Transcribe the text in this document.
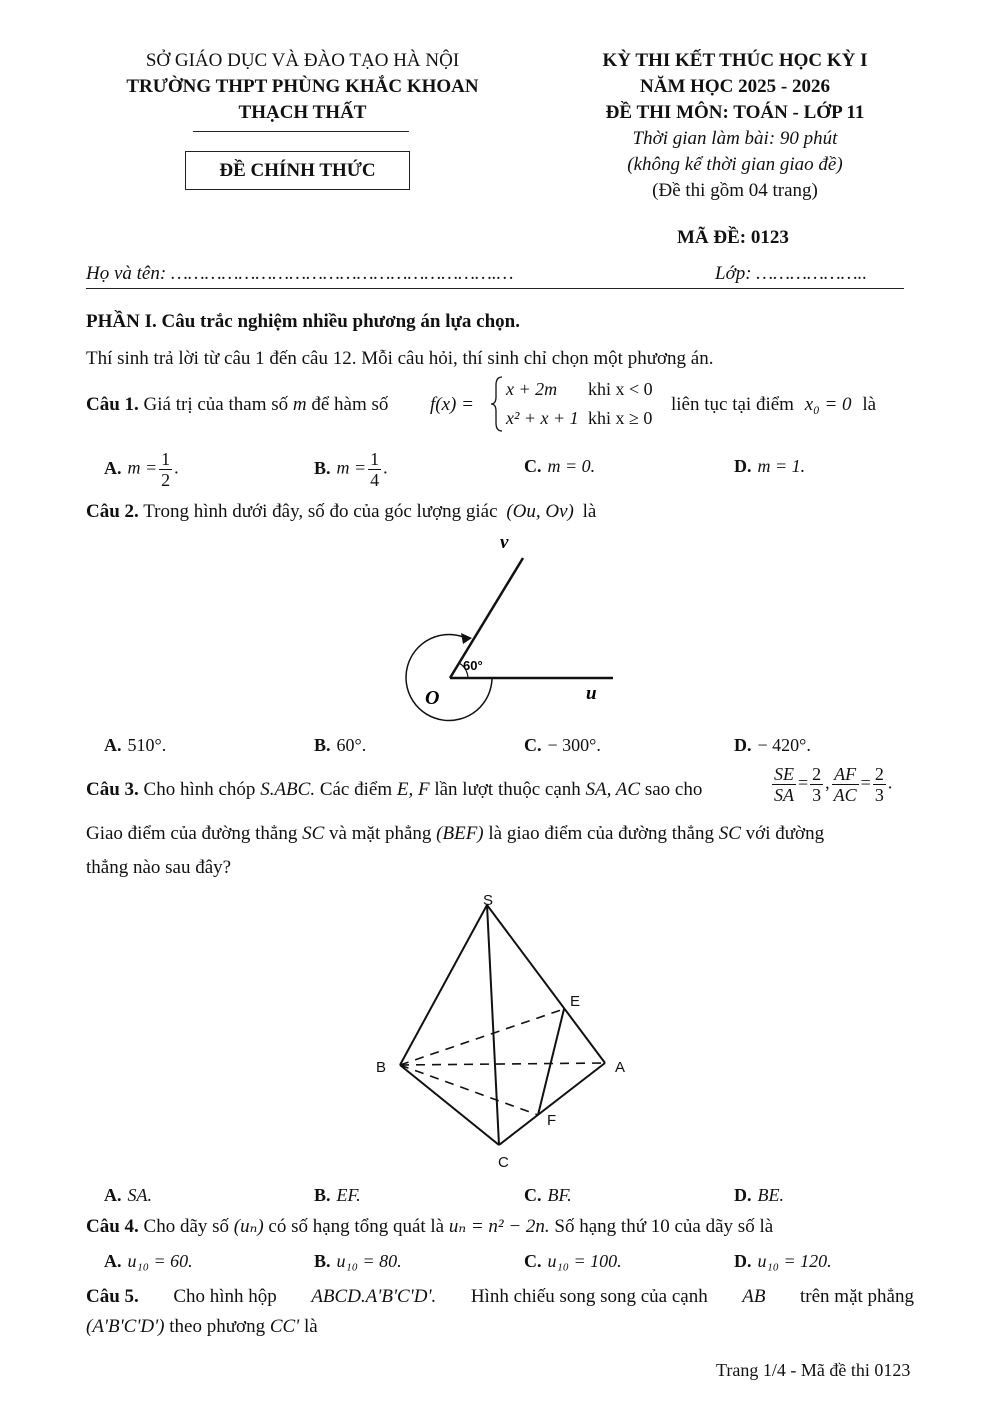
SỞ GIÁO DỤC VÀ ĐÀO TẠO HÀ NỘI
TRƯỜNG THPT PHÙNG KHẮC KHOAN
THẠCH THẤT
ĐỀ CHÍNH THỨC
KỲ THI KẾT THÚC HỌC KỲ I
NĂM HỌC 2025 - 2026
ĐỀ THI MÔN: TOÁN - LỚP 11
Thời gian làm bài: 90 phút
(không kể thời gian giao đề)
(Đề thi gồm 04 trang)
MÃ ĐỀ: 0123
Họ và tên: ………………………………………………….…	Lớp: ………………..
PHẦN I. Câu trắc nghiệm nhiều phương án lựa chọn.
Thí sinh trả lời từ câu 1 đến câu 12. Mỗi câu hỏi, thí sinh chỉ chọn một phương án.
Câu 1. Giá trị của tham số m để hàm số f(x) =
x + 2m khi x < 0
x² + x + 1 khi x ≥ 0
liên tục tại điểm x₀ = 0 là
A. $m = \frac{1}{2}$ .	B. $m = \frac{1}{4}$ .	C. m = 0.	D. m = 1.
Câu 2. Trong hình dưới đây, số đo của góc lượng giác (Ou, Ov) là
v
u
O
60°
A. 510°.	B. 60°.	C. − 300°.	D. − 420°.
Câu 3. Cho hình chóp S.ABC. Các điểm E, F lần lượt thuộc cạnh SA, AC sao cho	$\frac{SE}{SA} = \frac{2}{3}$ , $\frac{AF}{AC} = \frac{2}{3}$ .
Giao điểm của đường thẳng SC và mặt phẳng (BEF) là giao điểm của đường thẳng SC với đường
thẳng nào sau đây?
S
E
B	A
F
C
A. SA.	B. EF.	C. BF.	D. BE.
Câu 4. Cho dãy số (uₙ) có số hạng tổng quát là uₙ = n² − 2n. Số hạng thứ 10 của dãy số là
A. u₁₀ = 60.	B. u₁₀ = 80.	C. u₁₀ = 100.	D. u₁₀ = 120.
Câu 5. Cho hình hộp ABCD.A'B'C'D'. Hình chiếu song song của cạnh AB trên mặt phẳng
(A'B'C'D') theo phương CC' là
Trang 1/4 - Mã đề thi 0123
